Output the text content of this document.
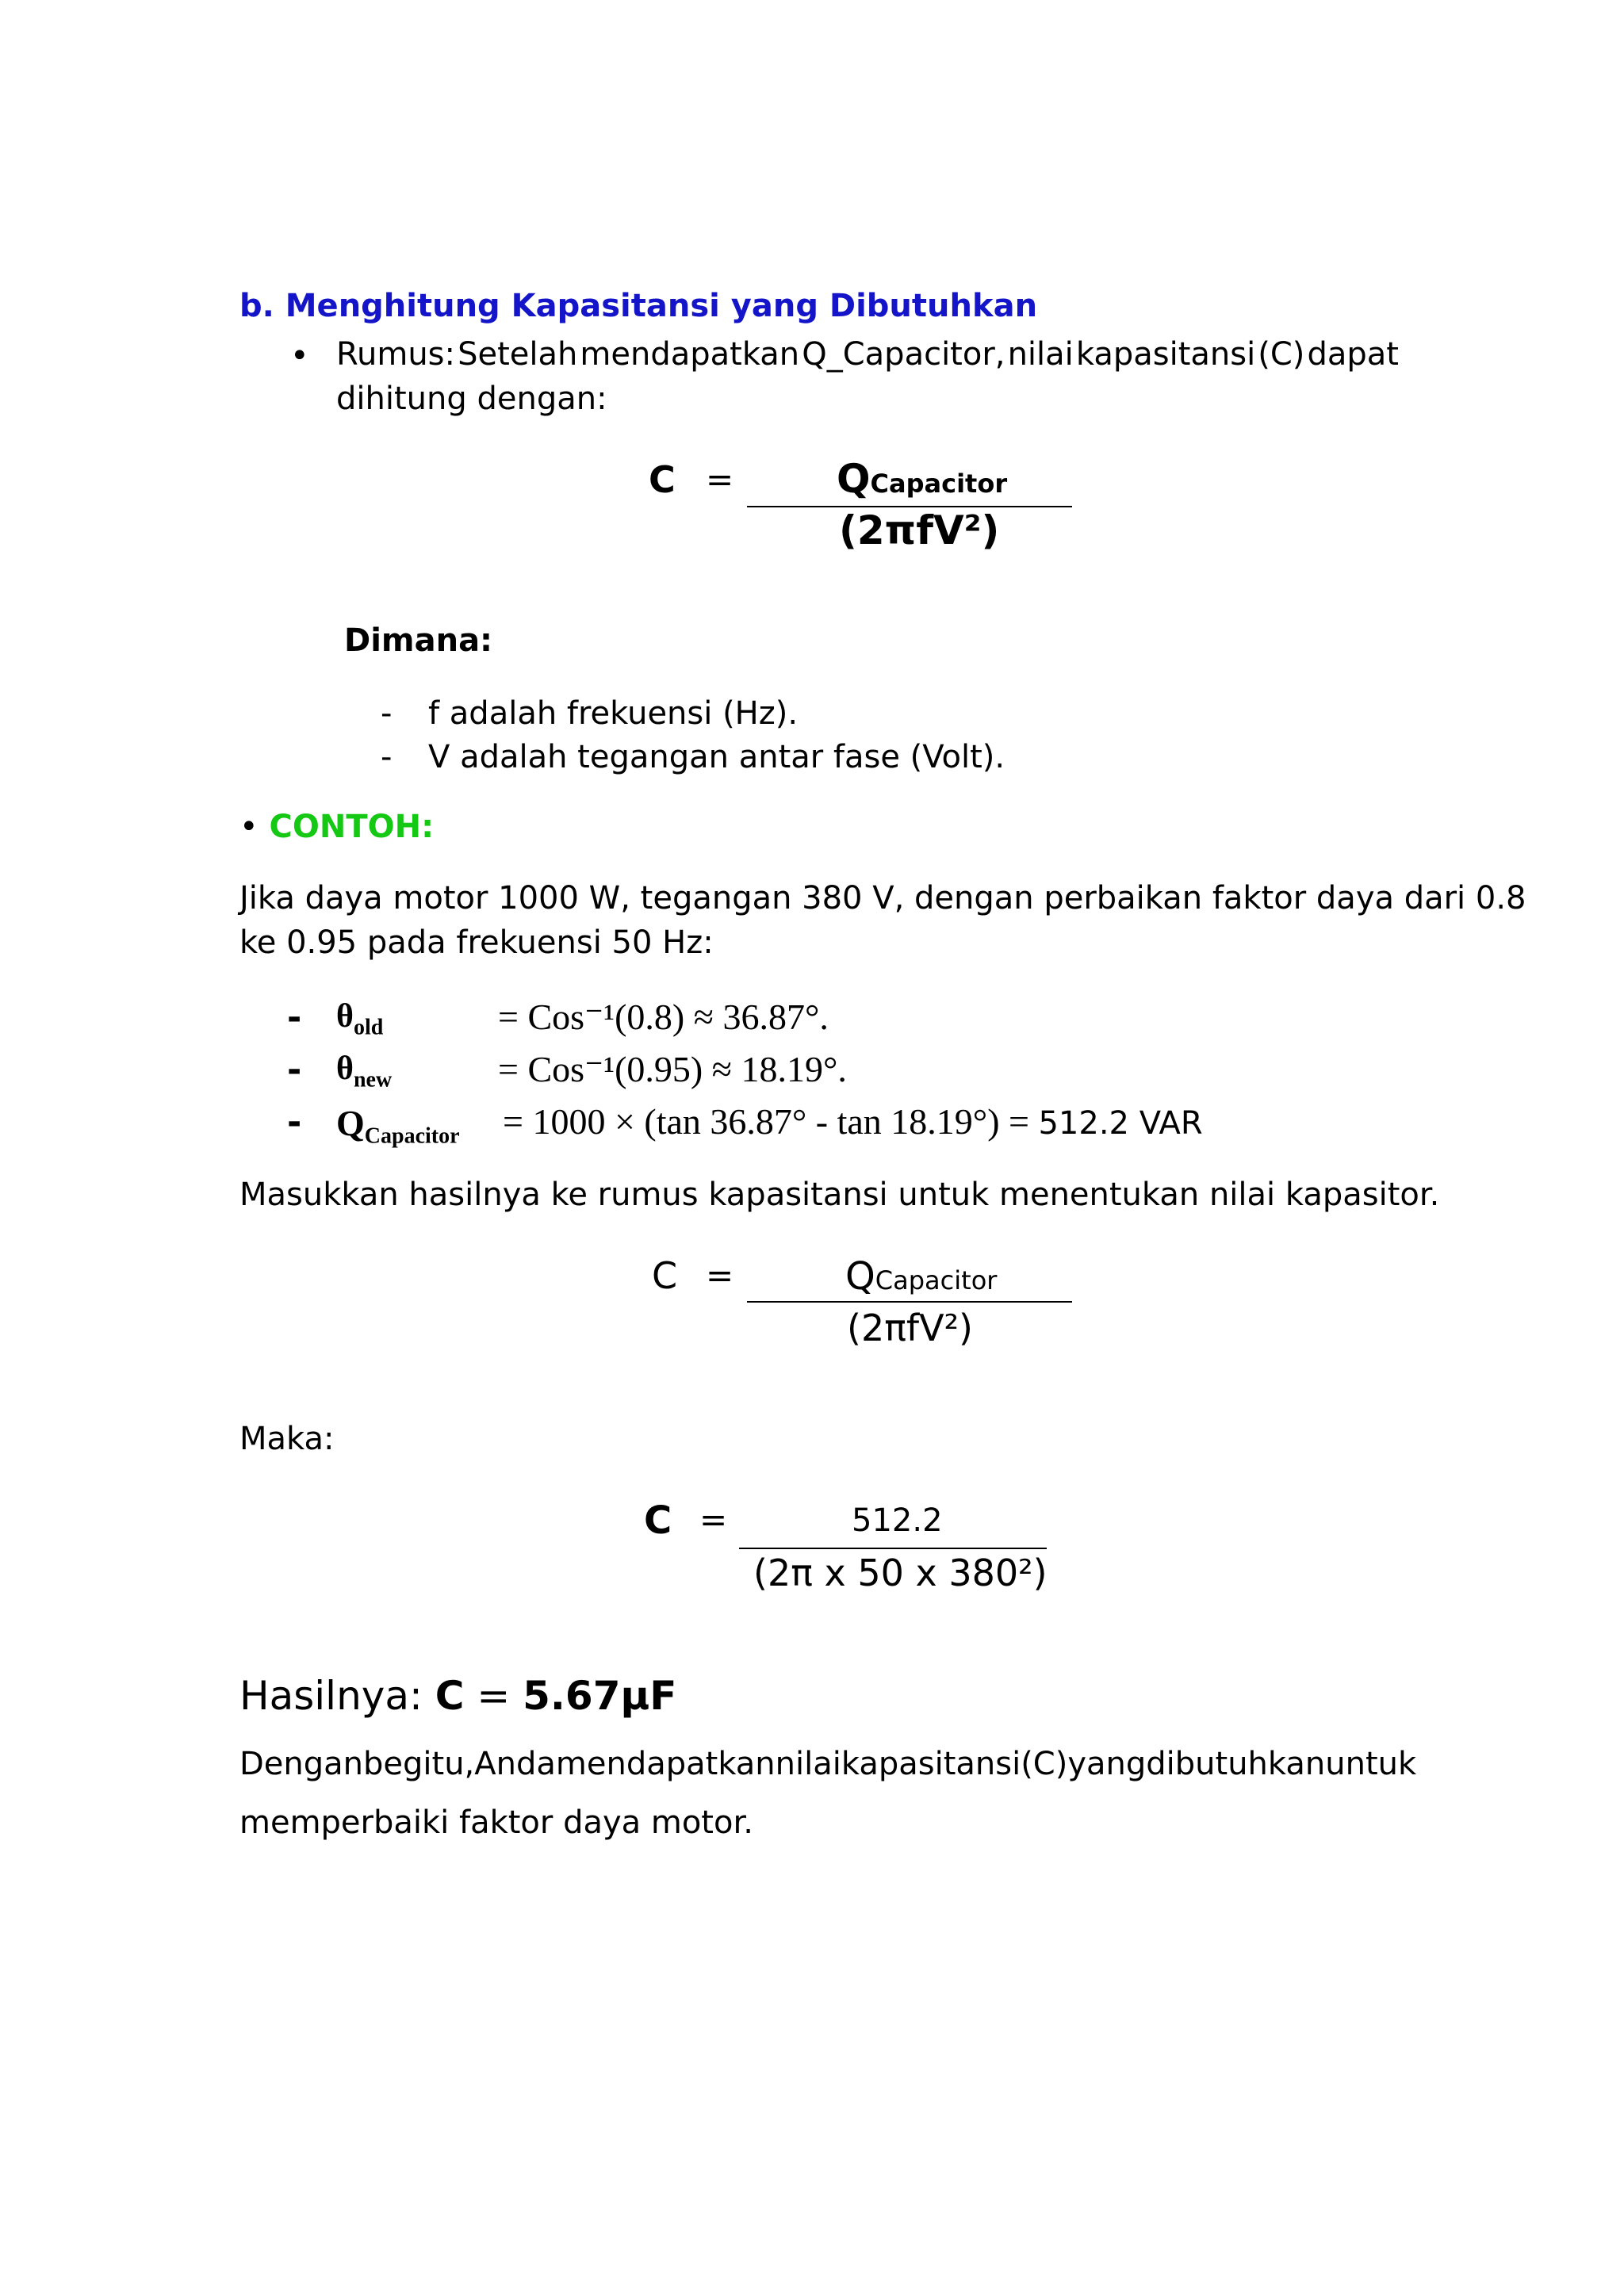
b. Menghitung Kapasitansi yang Dibutuhkan
• Rumus: Setelah mendapatkan Q_Capacitor, nilai kapasitansi (C) dapat
dihitung dengan:
C =	QCapacitor
(2πfV²)
Dimana:
- f adalah frekuensi (Hz).
- V adalah tegangan antar fase (Volt).
• CONTOH:
Jika daya motor 1000 W, tegangan 380 V, dengan perbaikan faktor daya dari 0.8
ke 0.95 pada frekuensi 50 Hz:
- $\theta_{old}$	= Cos⁻¹(0.8) ≈ 36.87°.
- $\theta_{new}$	= Cos⁻¹(0.95) ≈ 18.19°.
- $Q_{Capacitor} = 1000 \times (\tan$ 36.87° - tan 18.19°) = 512.2 VAR
Masukkan hasilnya ke rumus kapasitansi untuk menentukan nilai kapasitor.
C =	QCapacitor
(2πfV²)
Maka:
C =	512.2
(2π x 50 x 380²)
Hasilnya: C = 5.67μF
Dengan begitu, Anda mendapatkan nilai kapasitansi (C) yang dibutuhkan untuk
memperbaiki faktor daya motor.
